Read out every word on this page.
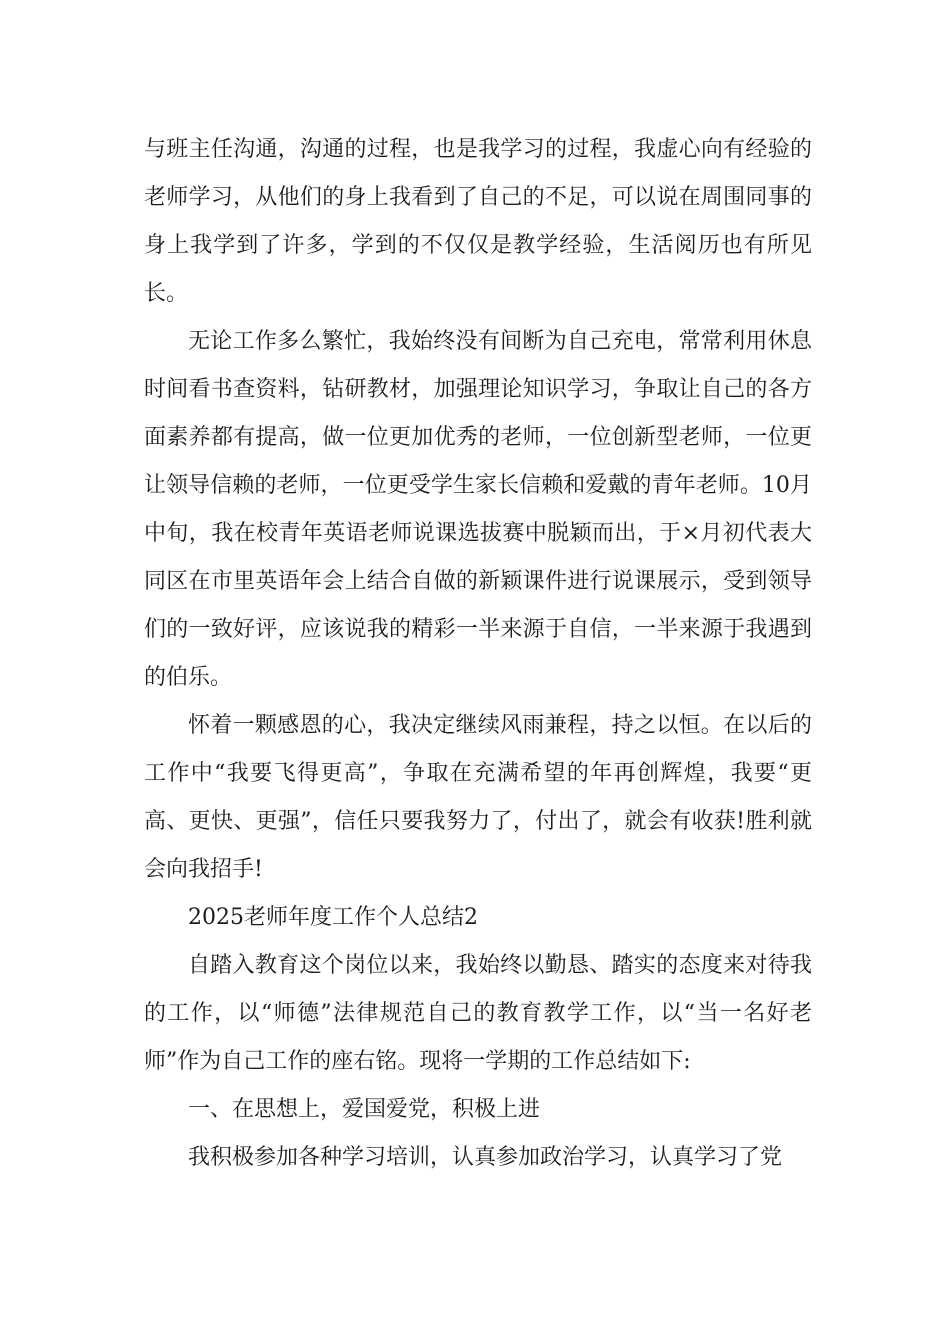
与班主任沟通，沟通的过程，也是我学习的过程，我虚心向有经验的老师学习，从他们的身上我看到了自己的不足，可以说在周围同事的身上我学到了许多，学到的不仅仅是教学经验，生活阅历也有所见长。

无论工作多么繁忙，我始终没有间断为自己充电，常常利用休息时间看书查资料，钻研教材，加强理论知识学习，争取让自己的各方面素养都有提高，做一位更加优秀的老师，一位创新型老师，一位更让领导信赖的老师，一位更受学生家长信赖和爱戴的青年老师。10月中旬，我在校青年英语老师说课选拔赛中脱颖而出，于×月初代表大同区在市里英语年会上结合自做的新颖课件进行说课展示，受到领导们的一致好评，应该说我的精彩一半来源于自信，一半来源于我遇到的伯乐。

怀着一颗感恩的心，我决定继续风雨兼程，持之以恒。在以后的工作中“我要飞得更高”，争取在充满希望的年再创辉煌，我要“更高、更快、更强”，信任只要我努力了，付出了，就会有收获!胜利就会向我招手!

2025老师年度工作个人总结2

自踏入教育这个岗位以来，我始终以勤恳、踏实的态度来对待我的工作，以“师德”法律规范自己的教育教学工作，以“当一名好老师”作为自己工作的座右铭。现将一学期的工作总结如下:

一、在思想上，爱国爱党，积极上进

我积极参加各种学习培训，认真参加政治学习，认真学习了党
